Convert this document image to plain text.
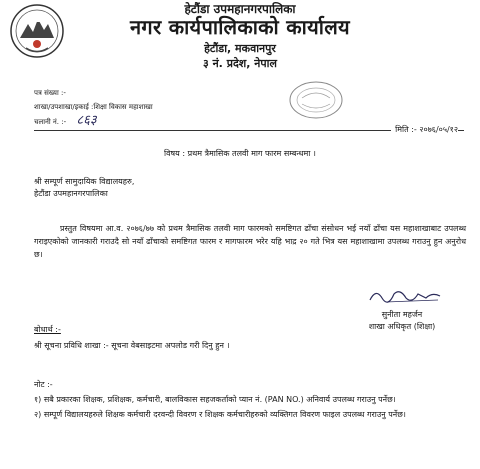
हेटौंडा उपमहानगरपालिका
नगर कार्यपालिकाको कार्यालय
हेटौंडा, मकवानपुर
३ नं. प्रदेश, नेपाल
पत्र संख्या :-
शाखा/उपशाखा/इकाई :शिक्षा विकास महाशाखा
चलानी नं. :- ८६३
मिति :- २०७६/०५/१२
विषय : प्रथम त्रैमासिक तलवी माग फारम सम्बन्धमा ।
श्री सम्पूर्ण सामुदायिक विद्यालयहरु,
हेटौंडा उपमहानगरपालिका
प्रस्तुत विषयमा आ.व. २०७६/७७ को प्रथम त्रैमासिक तलवी माग फारमको समष्टिगत ढाँचा संसोधन भई नयाँ ढाँचा यस महाशाखाबाट उपलब्ध गराइएकोको जानकारी गराउदै सो नयाँ ढाँचाको समष्टिगत फारम र मागफारम भरेर यहि भाद्र २० गते भित्र यस महाशाखामा उपलब्ध गराउनु हुन अनुरोध छ।
सुनीता महर्जन
शाखा अधिकृत (शिक्षा)
बोधार्थ :-
श्री सूचना प्रविधि शाखा :- सूचना वेबसाइटमा अपलोड गरी दिनु हुन ।
नोट :-
१) सबै प्रकारका शिक्षक, प्रशिक्षक, कर्मचारी, बालविकास सहजकर्ताको प्यान नं. (PAN NO.) अनिवार्य उपलब्ध गराउनु पर्नेछ।
२) सम्पूर्ण विद्यालयहरुले शिक्षक कर्मचारी दरवन्दी विवरण र शिक्षक कर्मचारीहरुको व्यक्तिगत विवरण फाइल उपलब्ध गराउनु पर्नेछ।
